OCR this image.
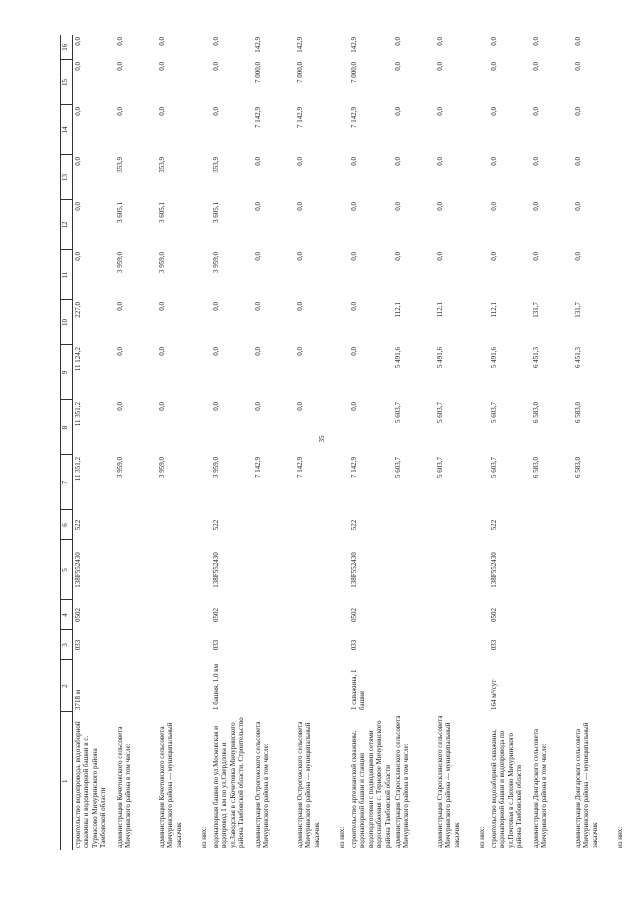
35
1	2	3	4	5	6	7	8	9	10	11	12	13	14	15	16
строительство водопровода, водозаборной скважины и водонапорной башни в с. Турмасово Мичуринского района Тамбовской области	3718 м	033	0502	138F552430	522	11 351,2	11 351,2	11 124,2	227,0	0,0	0,0	0,0	0,0	0,0	0,0
администрация Кочетовского сельсовета Мичуринского района в том числе:						3 959,0	0,0	0,0	0,0	3 959,0	3 605,1	353,9	0,0	0,0	0,0
администрация Кочетовского сельсовета Мичуринского района — муниципальный заказчик						3 959,0	0,0	0,0	0,0	3 959,0	3 605,1	353,9	0,0	0,0	0,0
из них:															
водонапорная башня по ул.Московская и водопровод 1 км по ул.Свердлова и ул.Заводская в с.Кочетовка Мичуринского района Тамбовской области. Строительство	1 башня, 1,0 км	033	0502	138F552430	522	3 959,0	0,0	0,0	0,0	3 959,0	3 605,1	353,9	0,0	0,0	0,0
администрация Острогожского сельсовета Мичуринского района в том числе:						7 142,9	0,0	0,0	0,0	0,0	0,0	0,0	7 142,9	7 000,0	142,9
администрация Острогожского сельсовета Мичуринского района — муниципальный заказчик						7 142,9	0,0	0,0	0,0	0,0	0,0	0,0	7 142,9	7 000,0	142,9
из них:															
строительство артезианской скважины, водонапорной башни и станции водоподготовки с подводящими сетями водоснабжения с. Терновое Мичуринского района Тамбовской области	1 скважина, 1 башня	033	0502	138F552430	522	7 142,9	0,0	0,0	0,0	0,0	0,0	0,0	7 142,9	7 000,0	142,9
администрация Старосклянского сельсовета Мичуринского района в том числе:						5 603,7	5 603,7	5 491,6	112,1	0,0	0,0	0,0	0,0	0,0	0,0
администрация Старосклянского сельсовета Мичуринского района — муниципальный заказчик						5 603,7	5 603,7	5 491,6	112,1	0,0	0,0	0,0	0,0	0,0	0,0
из них:															
строительство водозаборной скважины, водонапорной башни и водопровода по ул.Почтовая в с.Ляхово Мичуринского района Тамбовской области	164 м³/сут	033	0502	138F552430	522	5 603,7	5 603,7	5 491,6	112,1	0,0	0,0	0,0	0,0	0,0	0,0
администрация Донгарского сельсовета Мичуринского района в том числе:						6 583,0	6 583,0	6 451,3	131,7	0,0	0,0	0,0	0,0	0,0	0,0
администрация Донгарского сельсовета Мичуринского района — муниципальный заказчик						6 583,0	6 583,0	6 451,3	131,7	0,0	0,0	0,0	0,0	0,0	0,0
из них:															
